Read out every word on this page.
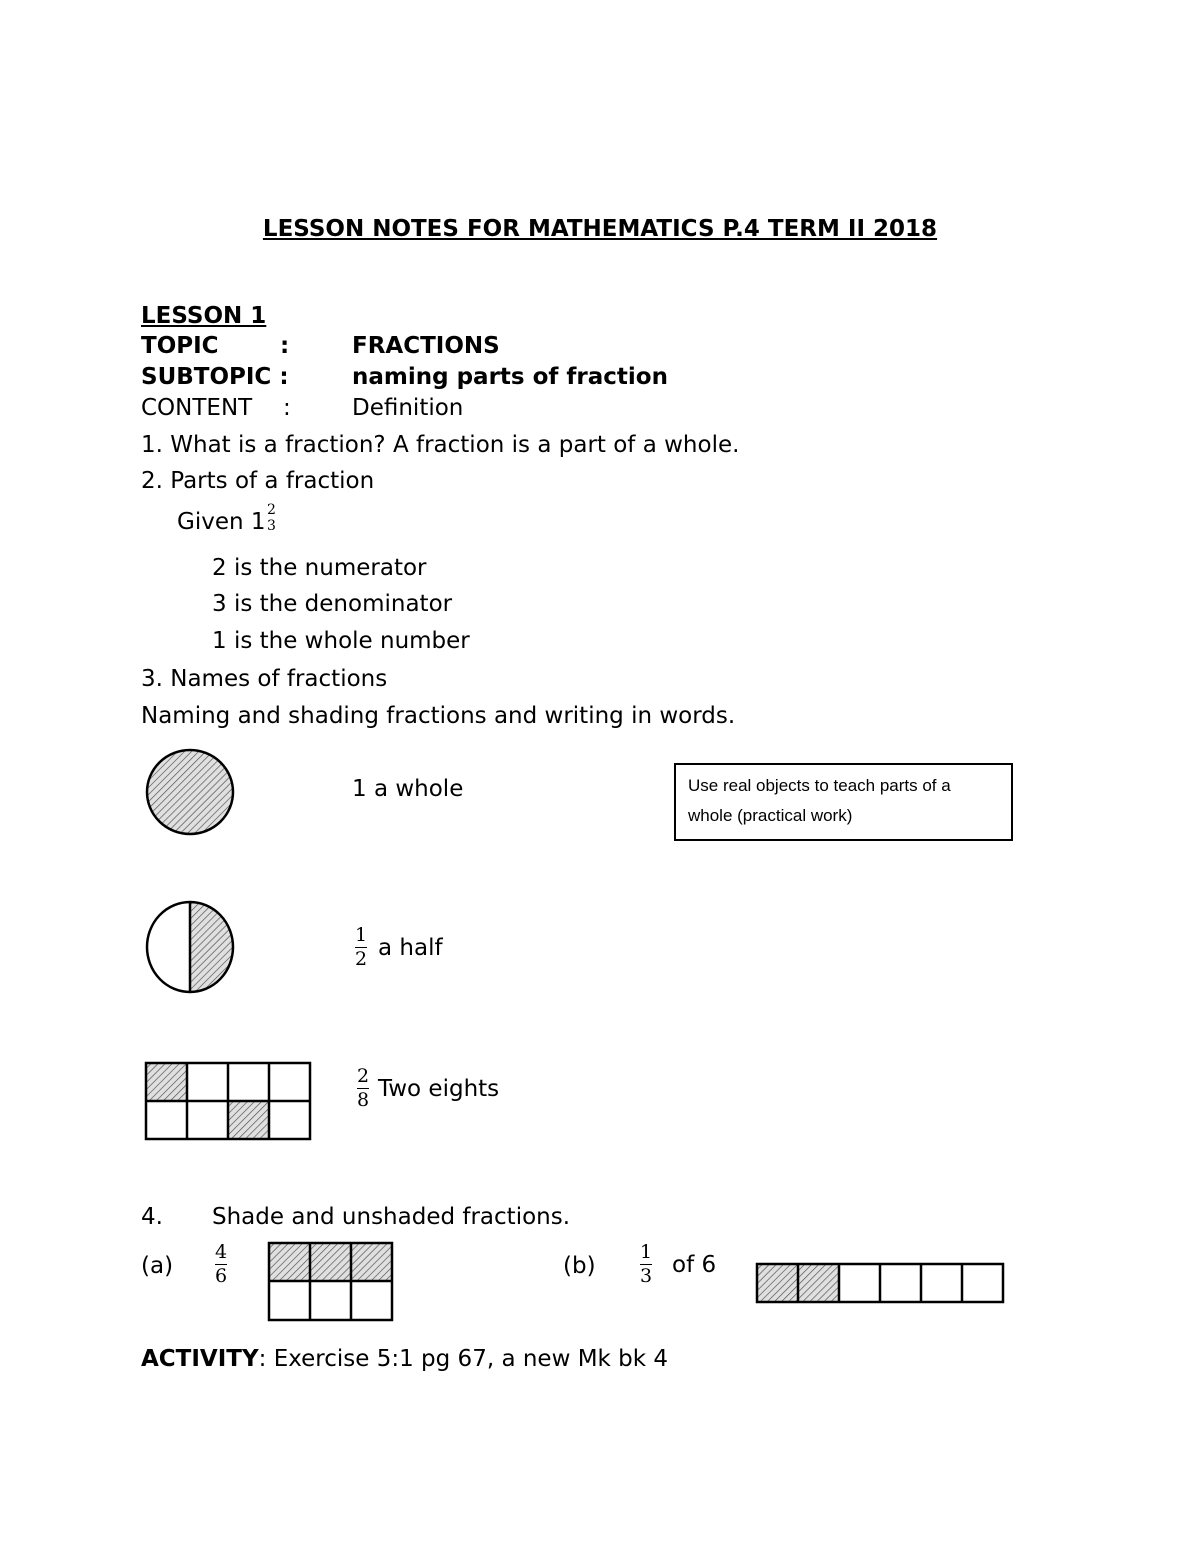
LESSON NOTES FOR MATHEMATICS P.4 TERM II 2018
LESSON 1
TOPIC	:	FRACTIONS
SUBTOPIC :	naming parts of fraction
CONTENT :	Definition
1. What is a fraction? A fraction is a part of a whole.
2. Parts of a fraction
Given 1 2
3
2 is the numerator
3 is the denominator
1 is the whole number
3. Names of fractions
Naming and shading fractions and writing in words.
1 a whole	Use real objects to teach parts of a whole (practical work)
1
2 a half
2
8 Two eights
4. Shade and unshaded fractions.
(a)
4
6	(b)
1
3 of 6
ACTIVITY: Exercise 5:1 pg 67, a new Mk bk 4
